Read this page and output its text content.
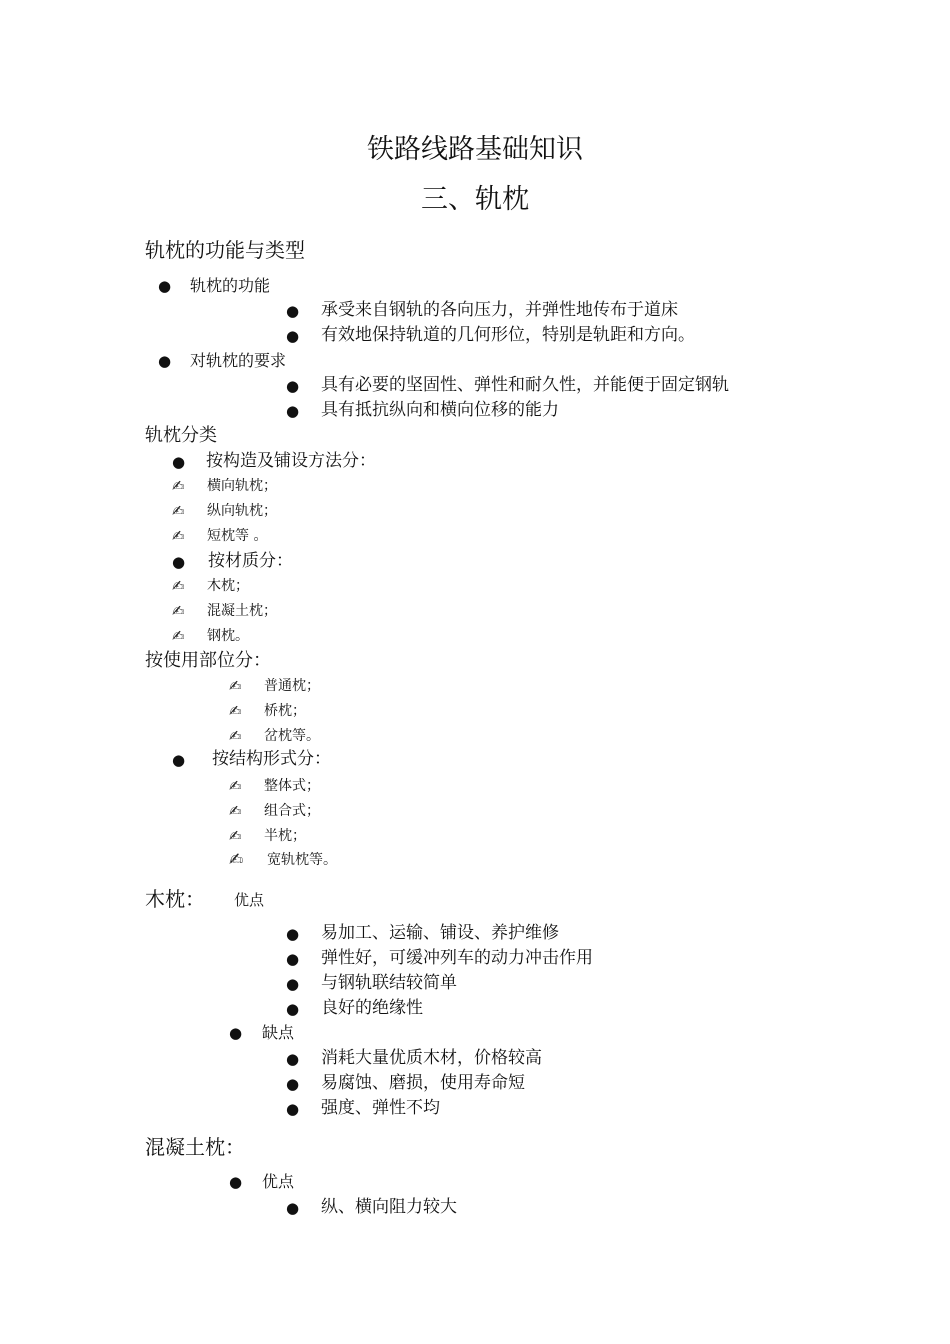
铁路线路基础知识
三、轨枕
轨枕的功能与类型
● 轨枕的功能
● 承受来自钢轨的各向压力，并弹性地传布于道床
● 有效地保持轨道的几何形位，特别是轨距和方向。
● 对轨枕的要求
● 具有必要的坚固性、弹性和耐久性，并能便于固定钢轨
● 具有抵抗纵向和横向位移的能力
轨枕分类
● 按构造及铺设方法分：
✍ 横向轨枕；
✍ 纵向轨枕；
✍ 短枕等 。
● 按材质分：
✍ 木枕；
✍ 混凝土枕；
✍ 钢枕。
按使用部位分：
✍ 普通枕；
✍ 桥枕；
✍ 岔枕等。
● 按结构形式分：
✍ 整体式；
✍ 组合式；
✍ 半枕；
✍ 宽轨枕等。
木枕： 优点
● 易加工、运输、铺设、养护维修
● 弹性好，可缓冲列车的动力冲击作用
● 与钢轨联结较简单
● 良好的绝缘性
● 缺点
● 消耗大量优质木材，价格较高
● 易腐蚀、磨损，使用寿命短
● 强度、弹性不均
混凝土枕：
● 优点
● 纵、横向阻力较大
